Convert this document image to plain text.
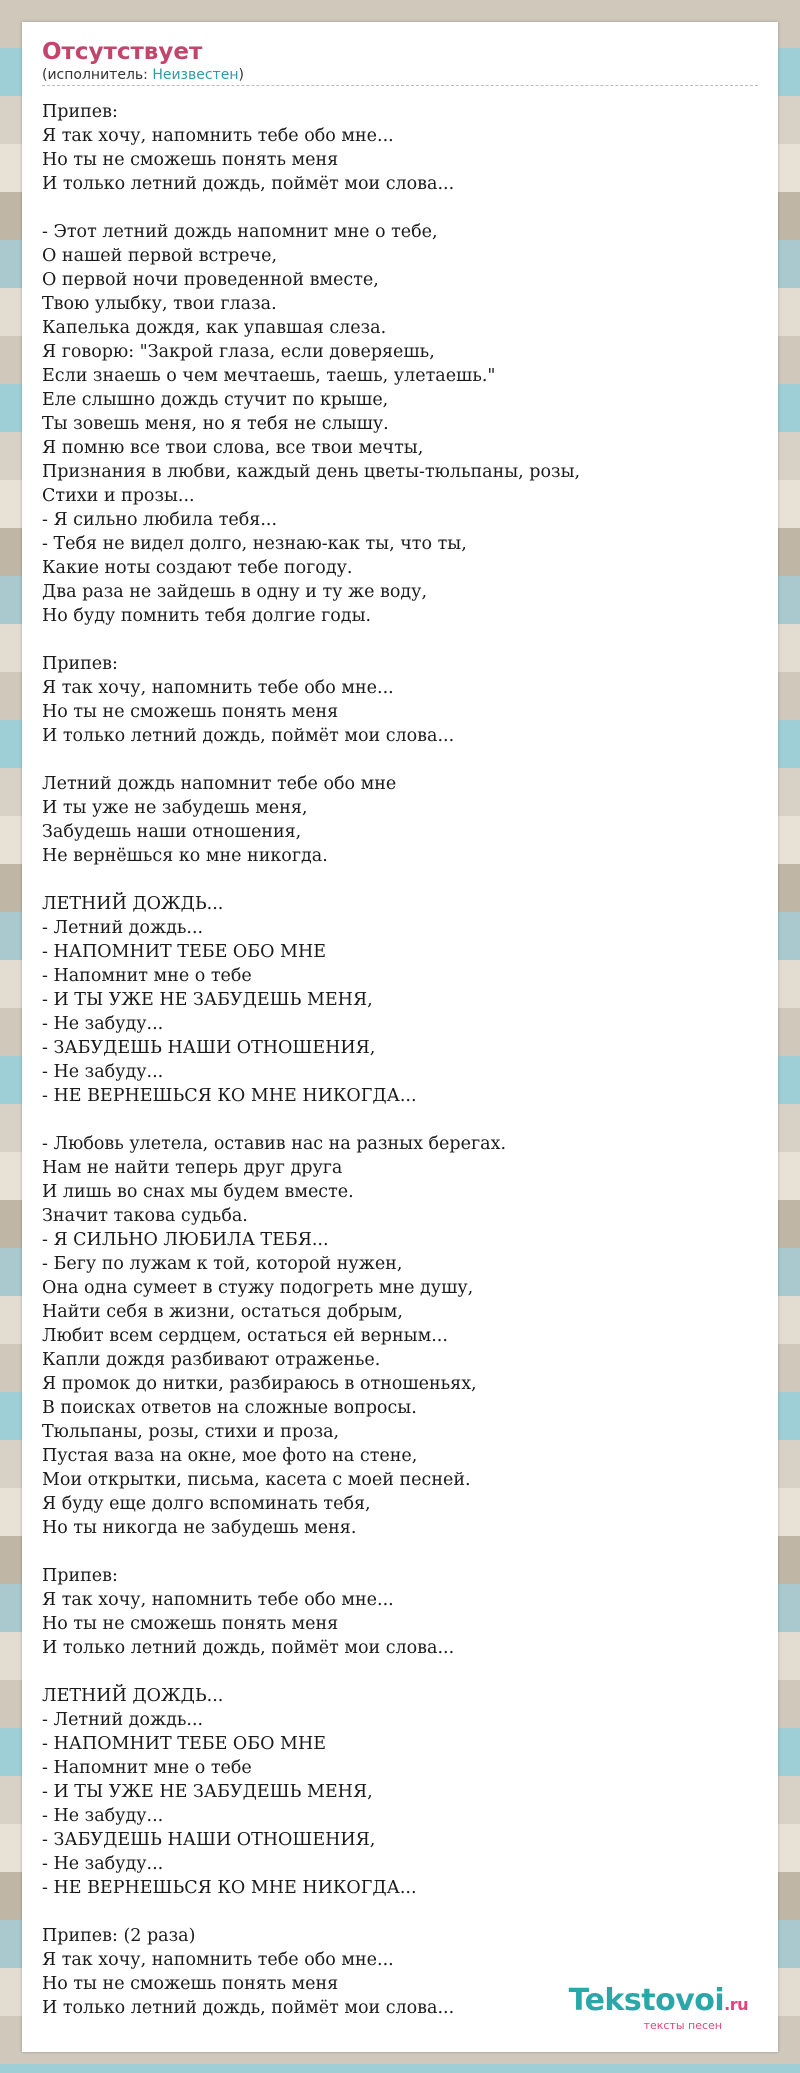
Отсутствует
(исполнитель: Неизвестен)
Припев:
Я так хочу, напомнить тебе обо мне...
Но ты не сможешь понять меня
И только летний дождь, поймёт мои слова...
- Этот летний дождь напомнит мне о тебе,
О нашей первой встрече,
О первой ночи проведенной вместе,
Твою улыбку, твои глаза.
Капелька дождя, как упавшая слеза.
Я говорю: "Закрой глаза, если доверяешь,
Если знаешь о чем мечтаешь, таешь, улетаешь."
Еле слышно дождь стучит по крыше,
Ты зовешь меня, но я тебя не слышу.
Я помню все твои слова, все твои мечты,
Признания в любви, каждый день цветы-тюльпаны, розы,
Стихи и прозы...
- Я сильно любила тебя...
- Тебя не видел долго, незнаю-как ты, что ты,
Какие ноты создают тебе погоду.
Два раза не зайдешь в одну и ту же воду,
Но буду помнить тебя долгие годы.
Припев:
Я так хочу, напомнить тебе обо мне...
Но ты не сможешь понять меня
И только летний дождь, поймёт мои слова...
Летний дождь напомнит тебе обо мне
И ты уже не забудешь меня,
Забудешь наши отношения,
Не вернёшься ко мне никогда.
ЛЕТНИЙ ДОЖДЬ...
- Летний дождь...
- НАПОМНИТ ТЕБЕ ОБО МНЕ
- Напомнит мне о тебе
- И ТЫ УЖЕ НЕ ЗАБУДЕШЬ МЕНЯ,
- Не забуду...
- ЗАБУДЕШЬ НАШИ ОТНОШЕНИЯ,
- Не забуду...
- НЕ ВЕРНЕШЬСЯ КО МНЕ НИКОГДА...
- Любовь улетела, оставив нас на разных берегах.
Нам не найти теперь друг друга
И лишь во снах мы будем вместе.
Значит такова судьба.
- Я СИЛЬНО ЛЮБИЛА ТЕБЯ...
- Бегу по лужам к той, которой нужен,
Она одна сумеет в стужу подогреть мне душу,
Найти себя в жизни, остаться добрым,
Любит всем сердцем, остаться ей верным...
Капли дождя разбивают отраженье.
Я промок до нитки, разбираюсь в отношеньях,
В поисках ответов на сложные вопросы.
Тюльпаны, розы, стихи и проза,
Пустая ваза на окне, мое фото на стене,
Мои открытки, письма, касета с моей песней.
Я буду еще долго вспоминать тебя,
Но ты никогда не забудешь меня.
Припев:
Я так хочу, напомнить тебе обо мне...
Но ты не сможешь понять меня
И только летний дождь, поймёт мои слова...
ЛЕТНИЙ ДОЖДЬ...
- Летний дождь...
- НАПОМНИТ ТЕБЕ ОБО МНЕ
- Напомнит мне о тебе
- И ТЫ УЖЕ НЕ ЗАБУДЕШЬ МЕНЯ,
- Не забуду...
- ЗАБУДЕШЬ НАШИ ОТНОШЕНИЯ,
- Не забуду...
- НЕ ВЕРНЕШЬСЯ КО МНЕ НИКОГДА...
Припев: (2 раза)
Я так хочу, напомнить тебе обо мне...
Но ты не сможешь понять меня
И только летний дождь, поймёт мои слова...	Tekstovoi.ru
тексты песен
